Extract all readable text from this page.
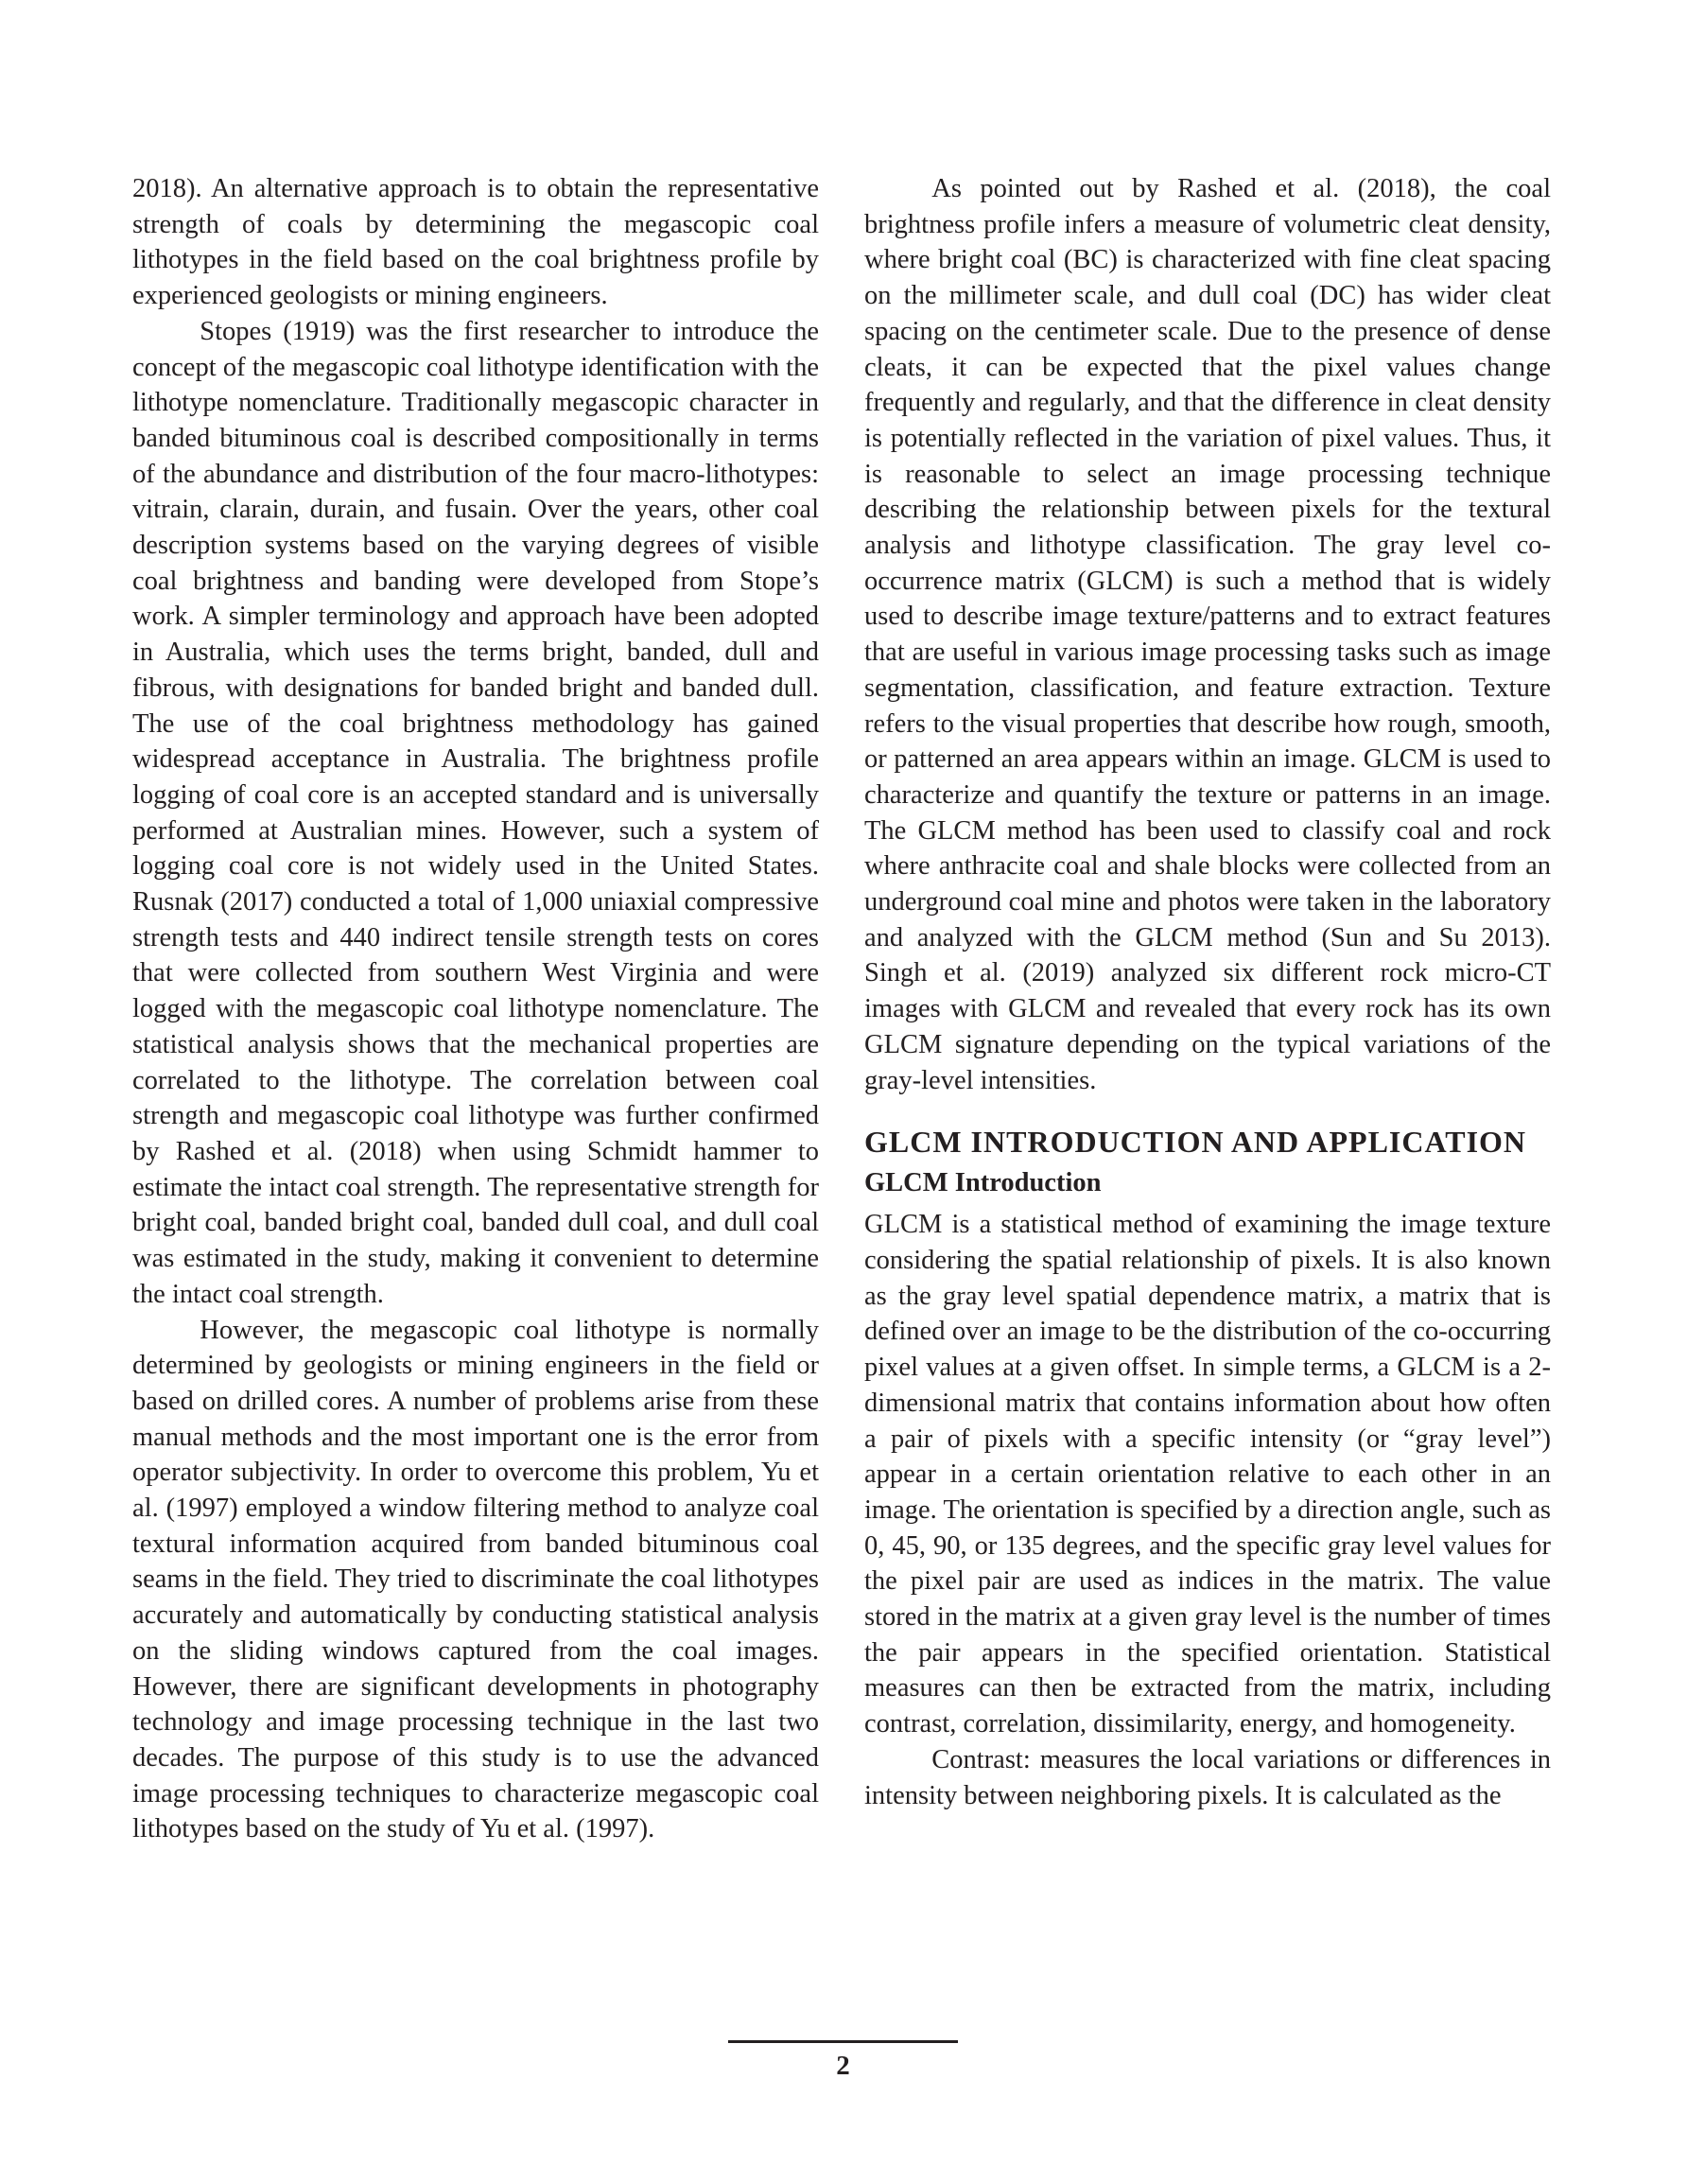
2018). An alternative approach is to obtain the representative strength of coals by determining the megascopic coal lithotypes in the field based on the coal brightness profile by experienced geologists or mining engineers.

Stopes (1919) was the first researcher to introduce the concept of the megascopic coal lithotype identification with the lithotype nomenclature. Traditionally megascopic character in banded bituminous coal is described compositionally in terms of the abundance and distribution of the four macro-lithotypes: vitrain, clarain, durain, and fusain. Over the years, other coal description systems based on the varying degrees of visible coal brightness and banding were developed from Stope’s work. A simpler terminology and approach have been adopted in Australia, which uses the terms bright, banded, dull and fibrous, with designations for banded bright and banded dull. The use of the coal brightness methodology has gained widespread acceptance in Australia. The brightness profile logging of coal core is an accepted standard and is universally performed at Australian mines. However, such a system of logging coal core is not widely used in the United States. Rusnak (2017) conducted a total of 1,000 uniaxial compressive strength tests and 440 indirect tensile strength tests on cores that were collected from southern West Virginia and were logged with the megascopic coal lithotype nomenclature. The statistical analysis shows that the mechanical properties are correlated to the lithotype. The correlation between coal strength and megascopic coal lithotype was further confirmed by Rashed et al. (2018) when using Schmidt hammer to estimate the intact coal strength. The representative strength for bright coal, banded bright coal, banded dull coal, and dull coal was estimated in the study, making it convenient to determine the intact coal strength.

However, the megascopic coal lithotype is normally determined by geologists or mining engineers in the field or based on drilled cores. A number of problems arise from these manual methods and the most important one is the error from operator subjectivity. In order to overcome this problem, Yu et al. (1997) employed a window filtering method to analyze coal textural information acquired from banded bituminous coal seams in the field. They tried to discriminate the coal lithotypes accurately and automatically by conducting statistical analysis on the sliding windows captured from the coal images. However, there are significant developments in photography technology and image processing technique in the last two decades. The purpose of this study is to use the advanced image processing techniques to characterize megascopic coal lithotypes based on the study of Yu et al. (1997).

As pointed out by Rashed et al. (2018), the coal brightness profile infers a measure of volumetric cleat density, where bright coal (BC) is characterized with fine cleat spacing on the millimeter scale, and dull coal (DC) has wider cleat spacing on the centimeter scale. Due to the presence of dense cleats, it can be expected that the pixel values change frequently and regularly, and that the difference in cleat density is potentially reflected in the variation of pixel values. Thus, it is reasonable to select an image processing technique describing the relationship between pixels for the textural analysis and lithotype classification. The gray level co-occurrence matrix (GLCM) is such a method that is widely used to describe image texture/patterns and to extract features that are useful in various image processing tasks such as image segmentation, classification, and feature extraction. Texture refers to the visual properties that describe how rough, smooth, or patterned an area appears within an image. GLCM is used to characterize and quantify the texture or patterns in an image. The GLCM method has been used to classify coal and rock where anthracite coal and shale blocks were collected from an underground coal mine and photos were taken in the laboratory and analyzed with the GLCM method (Sun and Su 2013). Singh et al. (2019) analyzed six different rock micro-CT images with GLCM and revealed that every rock has its own GLCM signature depending on the typical variations of the gray-level intensities.

GLCM INTRODUCTION AND APPLICATION
GLCM Introduction

GLCM is a statistical method of examining the image texture considering the spatial relationship of pixels. It is also known as the gray level spatial dependence matrix, a matrix that is defined over an image to be the distribution of the co-occurring pixel values at a given offset. In simple terms, a GLCM is a 2-dimensional matrix that contains information about how often a pair of pixels with a specific intensity (or “gray level”) appear in a certain orientation relative to each other in an image. The orientation is specified by a direction angle, such as 0, 45, 90, or 135 degrees, and the specific gray level values for the pixel pair are used as indices in the matrix. The value stored in the matrix at a given gray level is the number of times the pair appears in the specified orientation. Statistical measures can then be extracted from the matrix, including contrast, correlation, dissimilarity, energy, and homogeneity.

Contrast: measures the local variations or differences in intensity between neighboring pixels. It is calculated as the

2
